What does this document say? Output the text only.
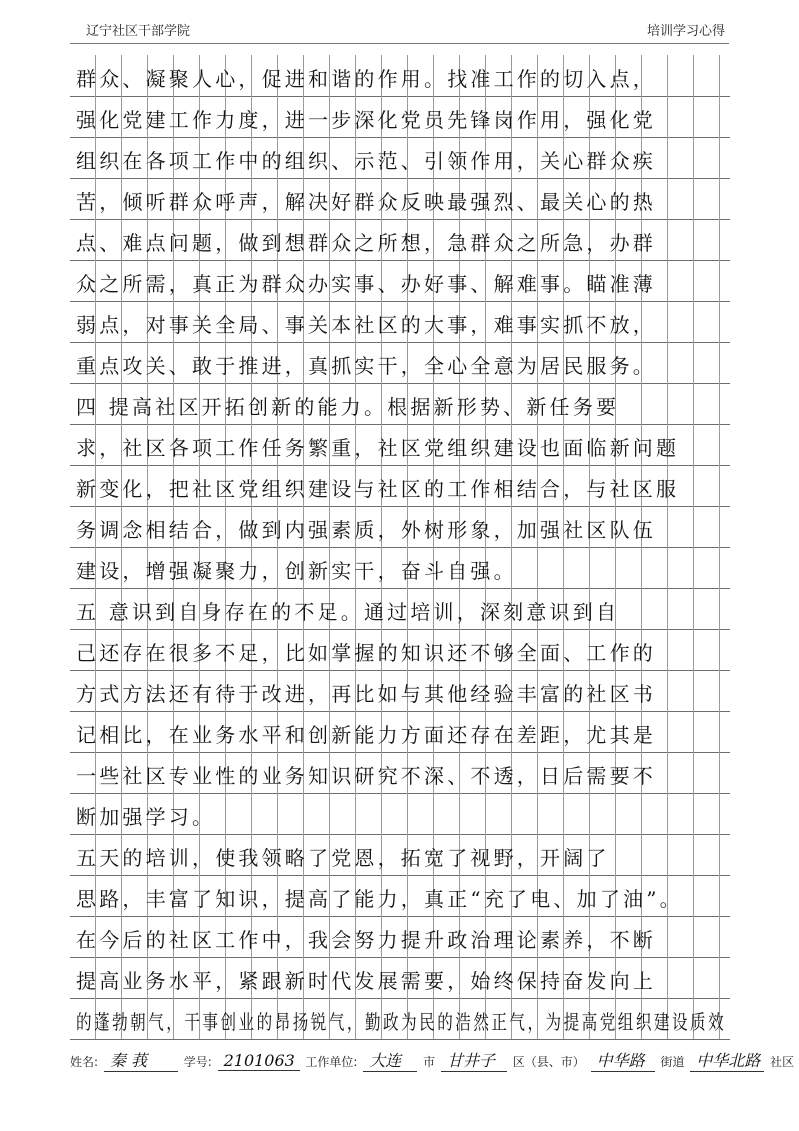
辽宁社区干部学院	培训学习心得
群众、凝聚人心，促进和谐的作用。找准工作的切入点，
强化党建工作力度，进一步深化党员先锋岗作用，强化党
组织在各项工作中的组织、示范、引领作用，关心群众疾
苦，倾听群众呼声，解决好群众反映最强烈、最关心的热
点、难点问题，做到想群众之所想，急群众之所急，办群
众之所需，真正为群众办实事、办好事、解难事。瞄准薄
弱点，对事关全局、事关本社区的大事，难事实抓不放，
重点攻关、敢于推进，真抓实干，全心全意为居民服务。
四 提高社区开拓创新的能力。根据新形势、新任务要
求，社区各项工作任务繁重，社区党组织建设也面临新问题
新变化，把社区党组织建设与社区的工作相结合，与社区服
务调念相结合，做到内强素质，外树形象，加强社区队伍
建设，增强凝聚力，创新实干，奋斗自强。
五 意识到自身存在的不足。通过培训，深刻意识到自
己还存在很多不足，比如掌握的知识还不够全面、工作的
方式方法还有待于改进，再比如与其他经验丰富的社区书
记相比，在业务水平和创新能力方面还存在差距，尤其是
一些社区专业性的业务知识研究不深、不透，日后需要不
断加强学习。
五天的培训，使我领略了党恩，拓宽了视野，开阔了
思路，丰富了知识，提高了能力，真正“充了电、加了油”。
在今后的社区工作中，我会努力提升政治理论素养，不断
提高业务水平，紧跟新时代发展需要，始终保持奋发向上
的蓬勃朝气，干事创业的昂扬锐气，勤政为民的浩然正气，为提高党组织建设质效
姓名: 秦 莪	学号: 2101063 工作单位: 大连 市 甘井子 区（县、市） 中华路 街道 中华北路 社区
